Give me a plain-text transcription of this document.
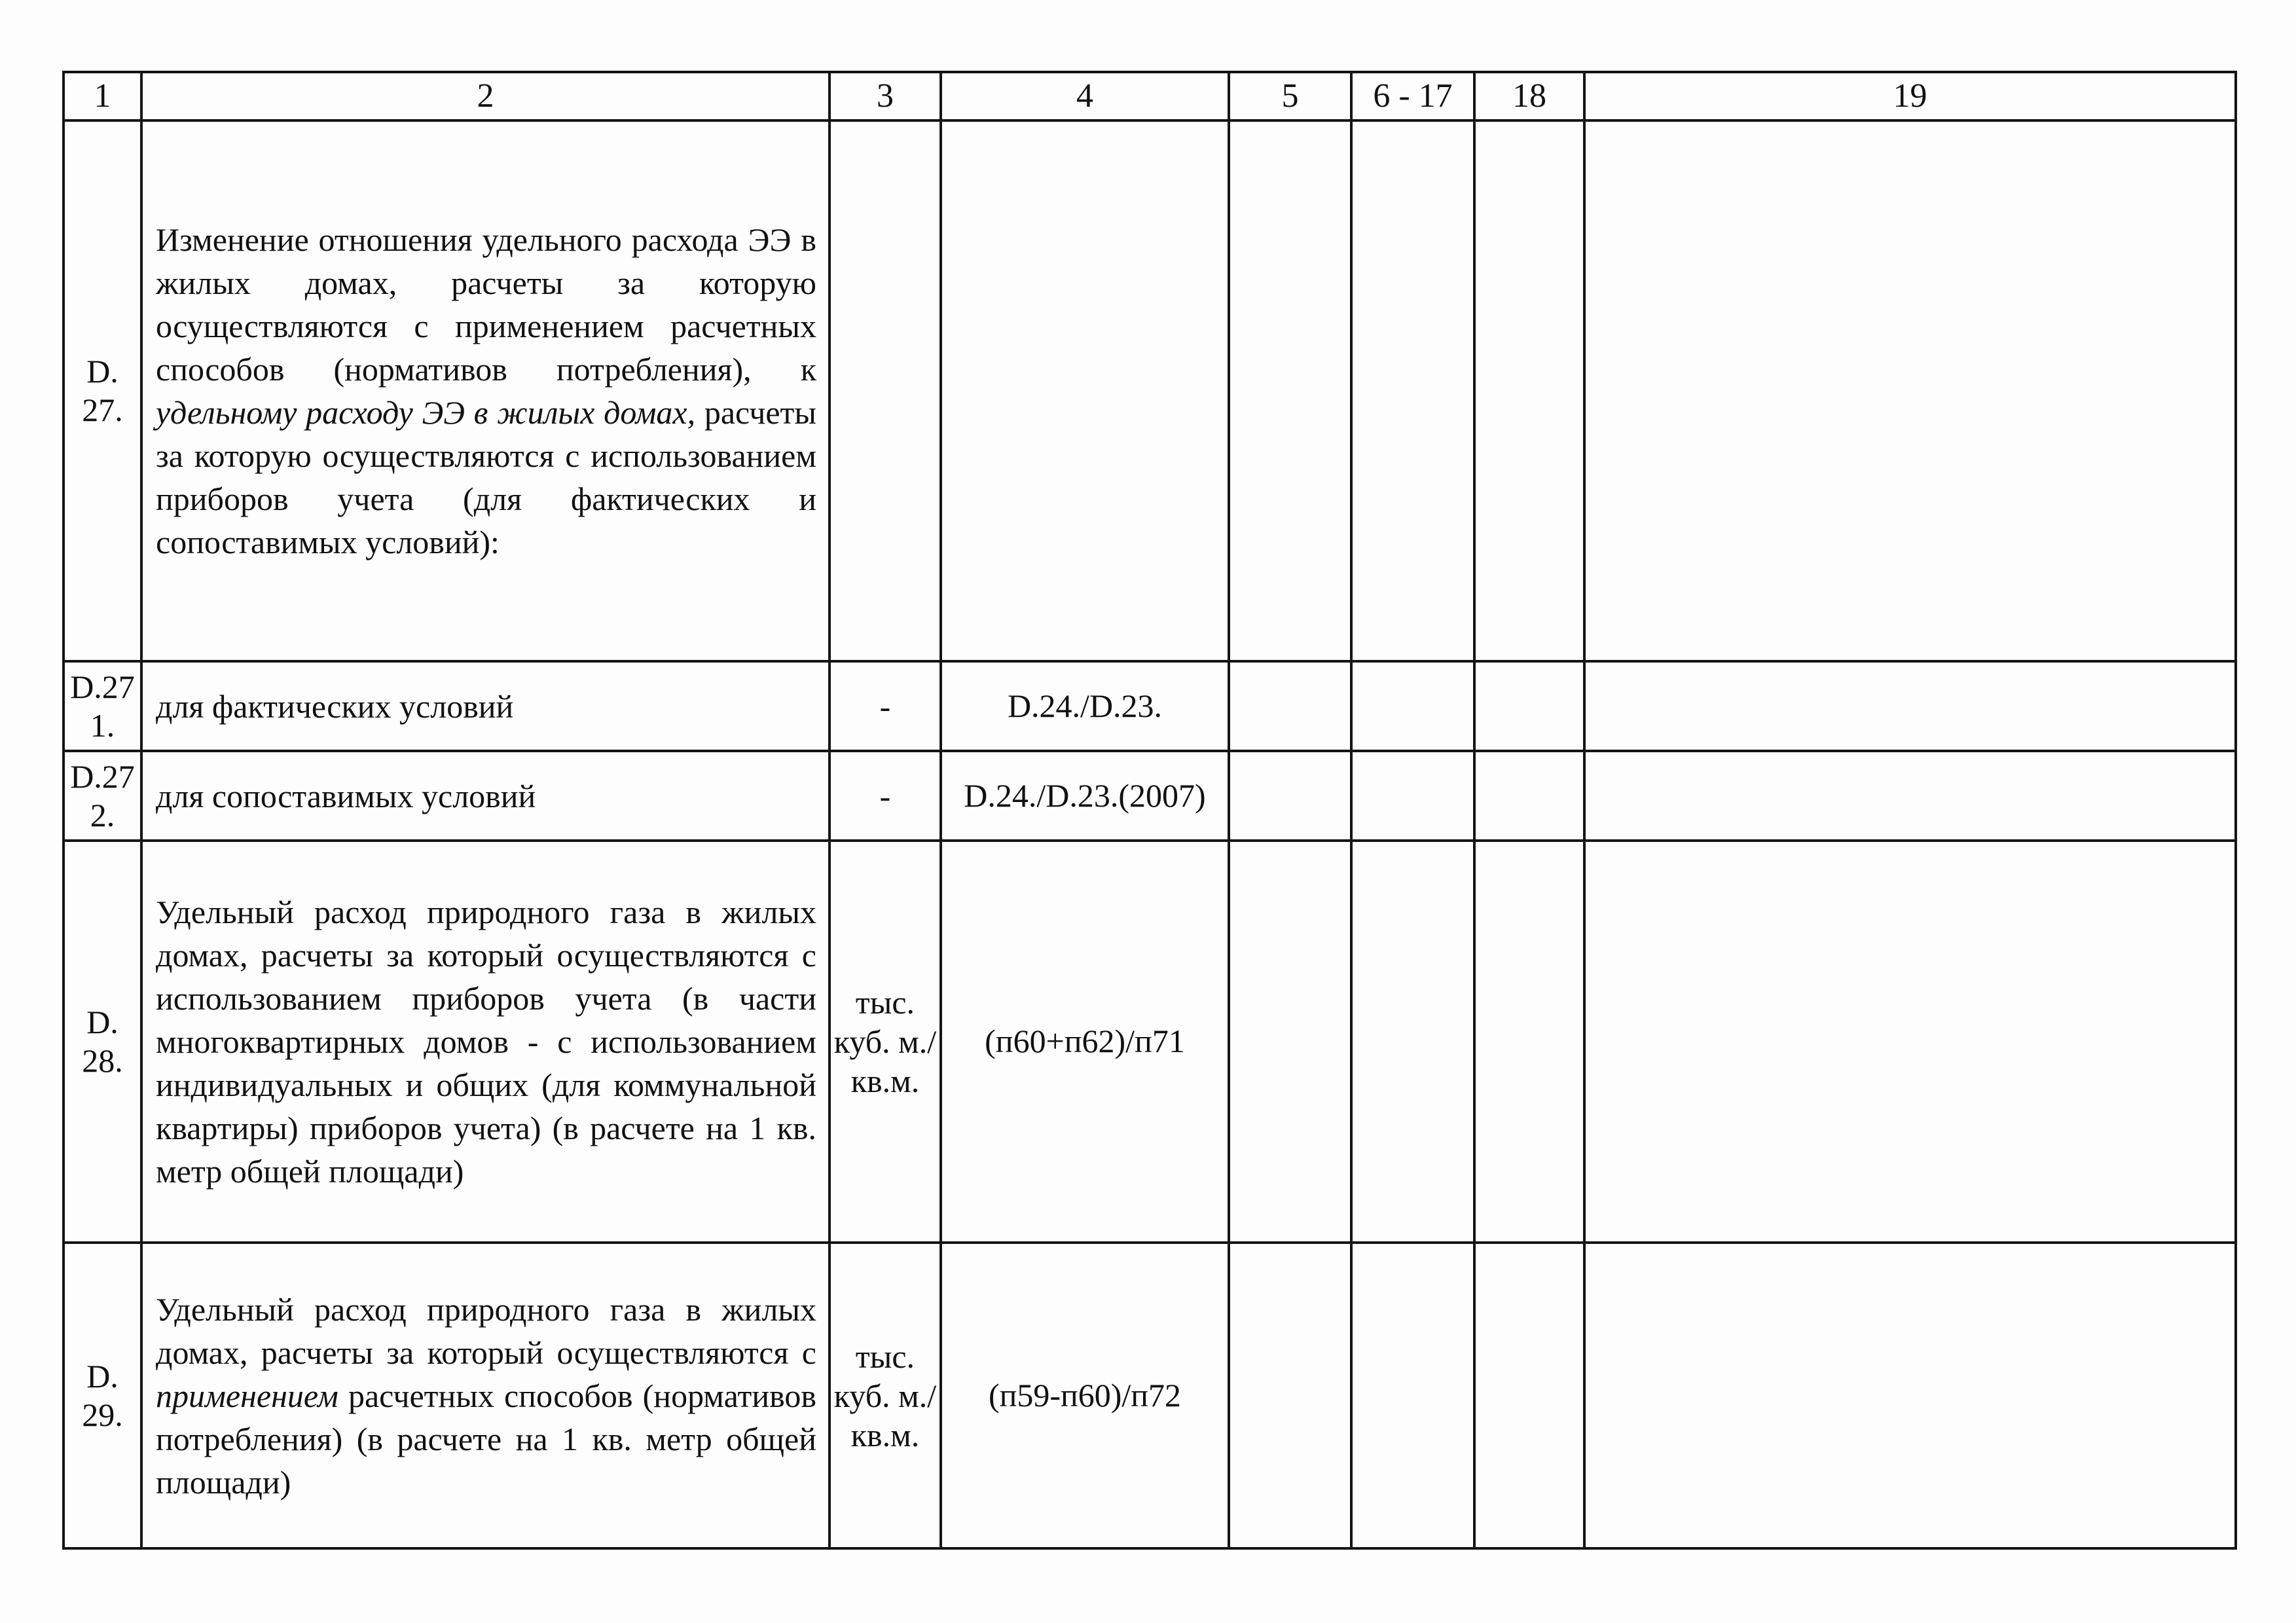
1	2	3	4	5	6 - 17	18	19
D. 27.	Изменение отношения удельного расхода ЭЭ в жилых домах, расчеты за которую осуществляются с применением расчетных способов (нормативов потребления), к удельному расходу ЭЭ в жилых домах, расчеты за которую осуществляются с использованием приборов учета (для фактических и сопоставимых условий):						
D.27 1.	для фактических условий	-	D.24./D.23.				
D.27 2.	для сопоставимых условий	-	D.24./D.23.(2007)				
D. 28.	Удельный расход природного газа в жилых домах, расчеты за который осуществляются с использованием приборов учета (в части многоквартирных домов - с использованием индивидуальных и общих (для коммунальной квартиры) приборов учета) (в расчете на 1 кв. метр общей площади)	тыс. куб. м./кв.м.	(п60+п62)/п71				
D. 29.	Удельный расход природного газа в жилых домах, расчеты за который осуществляются с применением расчетных способов (нормативов потребления) (в расчете на 1 кв. метр общей площади)	тыс. куб. м./кв.м.	(п59-п60)/п72				
